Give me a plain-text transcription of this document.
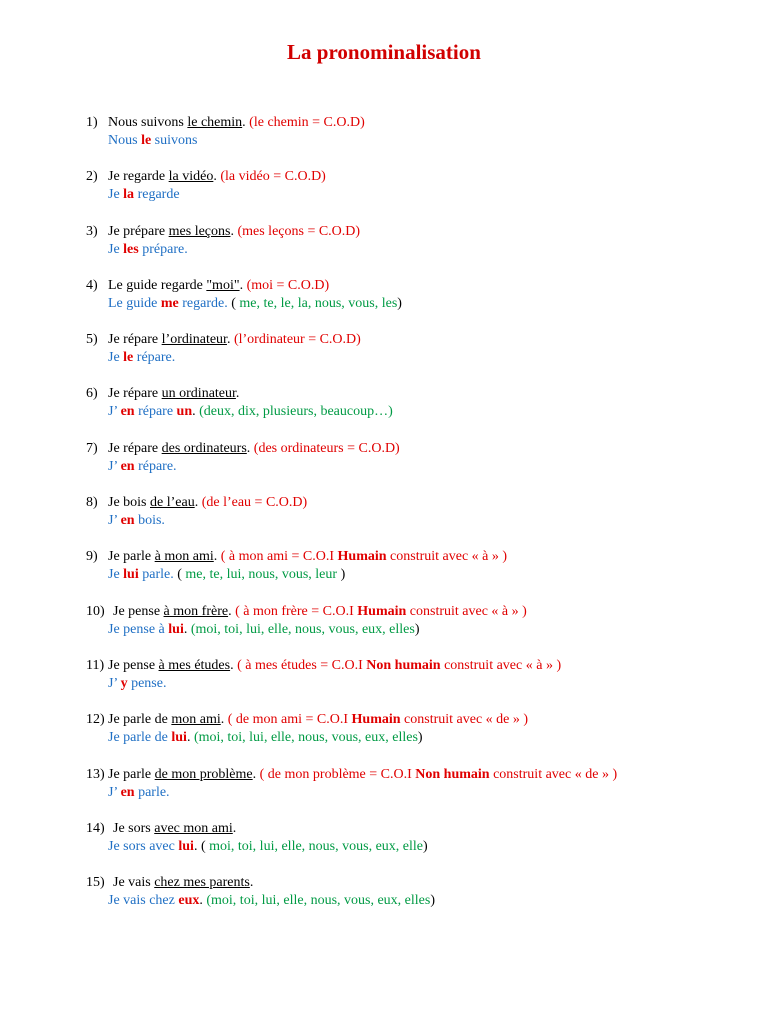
La pronominalisation
1) Nous suivons le chemin. (le chemin = C.O.D)
Nous le suivons
2) Je regarde la vidéo. (la vidéo = C.O.D)
Je la regarde
3) Je prépare mes leçons. (mes leçons = C.O.D)
Je les prépare.
4) Le guide regarde "moi". (moi = C.O.D)
Le guide me regarde. ( me, te, le, la, nous, vous, les)
5) Je répare l’ordinateur. (l’ordinateur = C.O.D)
Je le répare.
6) Je répare un ordinateur.
J’ en répare un. (deux, dix, plusieurs, beaucoup…)
7) Je répare des ordinateurs. (des ordinateurs = C.O.D)
J’ en répare.
8) Je bois de l’eau. (de l’eau = C.O.D)
J’ en bois.
9) Je parle à mon ami. ( à mon ami = C.O.I Humain construit avec « à » )
Je lui parle. ( me, te, lui, nous, vous, leur )
10) Je pense à mon frère. ( à mon frère = C.O.I Humain construit avec « à » )
Je pense à lui. (moi, toi, lui, elle, nous, vous, eux, elles)
11) Je pense à mes études. ( à mes études = C.O.I Non humain construit avec « à » )
J’ y pense.
12) Je parle de mon ami. ( de mon ami = C.O.I Humain construit avec « de » )
Je parle de lui. (moi, toi, lui, elle, nous, vous, eux, elles)
13) Je parle de mon problème. ( de mon problème = C.O.I Non humain construit avec « de » )
J’ en parle.
14) Je sors avec mon ami.
Je sors avec lui. ( moi, toi, lui, elle, nous, vous, eux, elle)
15) Je vais chez mes parents.
Je vais chez eux. (moi, toi, lui, elle, nous, vous, eux, elles)
